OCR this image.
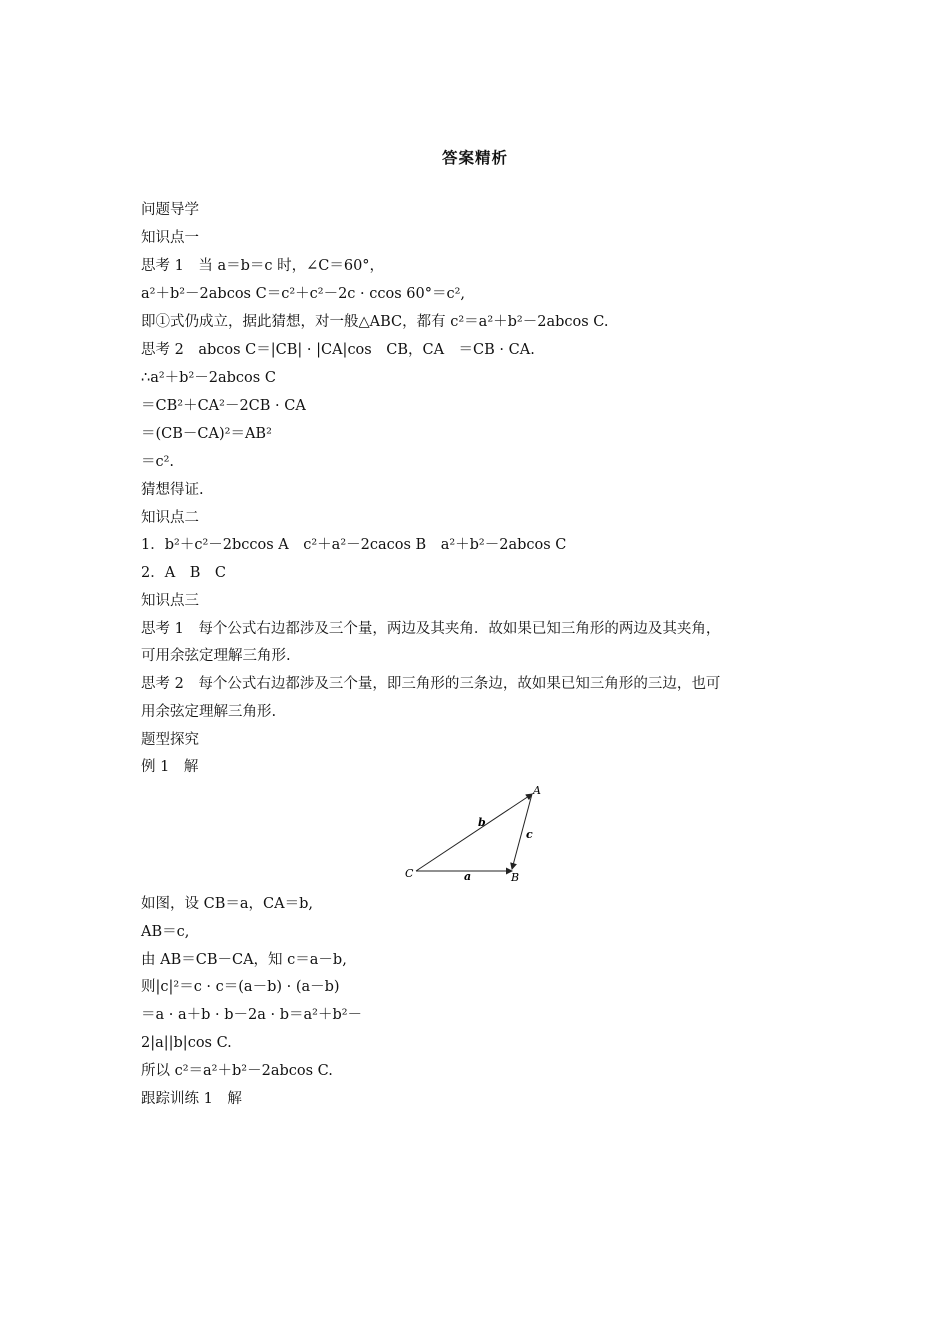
答案精析
问题导学
知识点一
思考 1　当 a＝b＝c 时，∠C＝60°，
a²＋b²－2abcos C＝c²＋c²－2c · ccos 60°＝c²,
即①式仍成立，据此猜想，对一般△ABC，都有 c²＝a²＋b²－2abcos C.
思考 2　abcos C＝|CB| · |CA|cos　CB，CA　＝CB · CA.
∴a²＋b²－2abcos C
＝CB²＋CA²－2CB · CA
＝(CB－CA)²＝AB²
＝c².
猜想得证.
知识点二
1．b²＋c²－2bccos A　c²＋a²－2cacos B　a²＋b²－2abcos C
2．A　B　C
知识点三
思考 1　每个公式右边都涉及三个量，两边及其夹角．故如果已知三角形的两边及其夹角，
可用余弦定理解三角形.
思考 2　每个公式右边都涉及三个量，即三角形的三条边，故如果已知三角形的三边，也可
用余弦定理解三角形.
题型探究
例 1　解
A
B
C	a
b
c
如图，设 CB＝a，CA＝b,
AB＝c,
由 AB＝CB－CA，知 c＝a－b,
则|c|²＝c · c＝(a－b) · (a－b)
＝a · a＋b · b－2a · b＝a²＋b²－
2|a||b|cos C.
所以 c²＝a²＋b²－2abcos C.
跟踪训练 1　解
